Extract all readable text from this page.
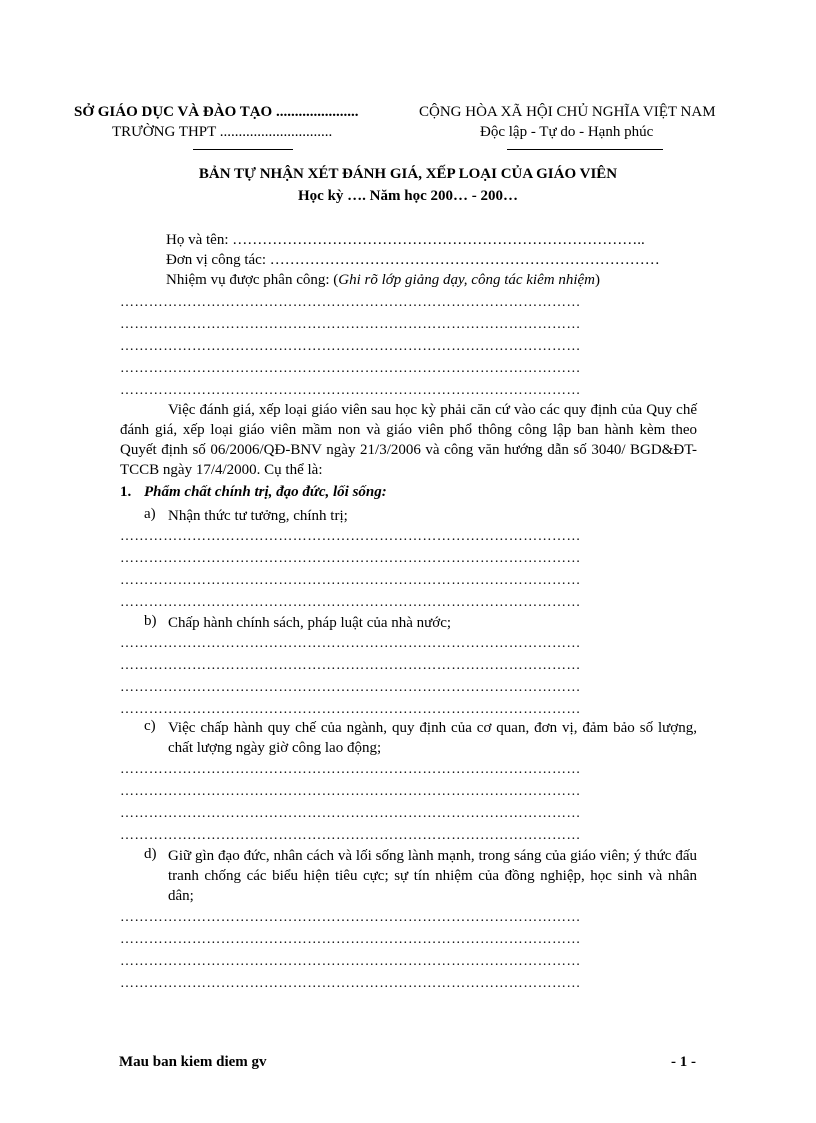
SỞ GIÁO DỤC VÀ ĐÀO TẠO ......................
TRƯỜNG THPT ..............................
CỘNG HÒA XÃ HỘI CHỦ NGHĨA VIỆT NAM
Độc lập - Tự do - Hạnh phúc
BẢN TỰ NHẬN XÉT ĐÁNH GIÁ, XẾP LOẠI CỦA GIÁO VIÊN
Học kỳ …. Năm học 200… - 200…
Họ và tên: ………………………………………………………………………..
Đơn vị công tác: ……………………………………………………………………
Nhiệm vụ được phân công: (Ghi rõ lớp giảng dạy, công tác kiêm nhiệm)
……………………………………………………………………………………
……………………………………………………………………………………
……………………………………………………………………………………
……………………………………………………………………………………
……………………………………………………………………………………

Việc đánh giá, xếp loại giáo viên sau học kỳ phải căn cứ vào các quy định của Quy chế đánh giá, xếp loại giáo viên mầm non và giáo viên phổ thông công lập ban hành kèm theo Quyết định số 06/2006/QĐ-BNV ngày 21/3/2006 và công văn hướng dẫn số 3040/ BGD&ĐT-TCCB ngày 17/4/2000. Cụ thể là:

1. Phẩm chất chính trị, đạo đức, lối sống:
a) Nhận thức tư tưởng, chính trị;

……………………………………………………………………………………
……………………………………………………………………………………
……………………………………………………………………………………
……………………………………………………………………………………
b) Chấp hành chính sách, pháp luật của nhà nước;

……………………………………………………………………………………
……………………………………………………………………………………
……………………………………………………………………………………
……………………………………………………………………………………
c) Việc chấp hành quy chế của ngành, quy định của cơ quan, đơn vị, đảm bảo số lượng, chất lượng ngày giờ công lao động;

……………………………………………………………………………………
……………………………………………………………………………………
……………………………………………………………………………………
……………………………………………………………………………………
d) Giữ gìn đạo đức, nhân cách và lối sống lành mạnh, trong sáng của giáo viên; ý thức đấu tranh chống các biểu hiện tiêu cực; sự tín nhiệm của đồng nghiệp, học sinh và nhân dân;

……………………………………………………………………………………
……………………………………………………………………………………
……………………………………………………………………………………
……………………………………………………………………………………
Mau ban kiem diem gv	- 1 -
